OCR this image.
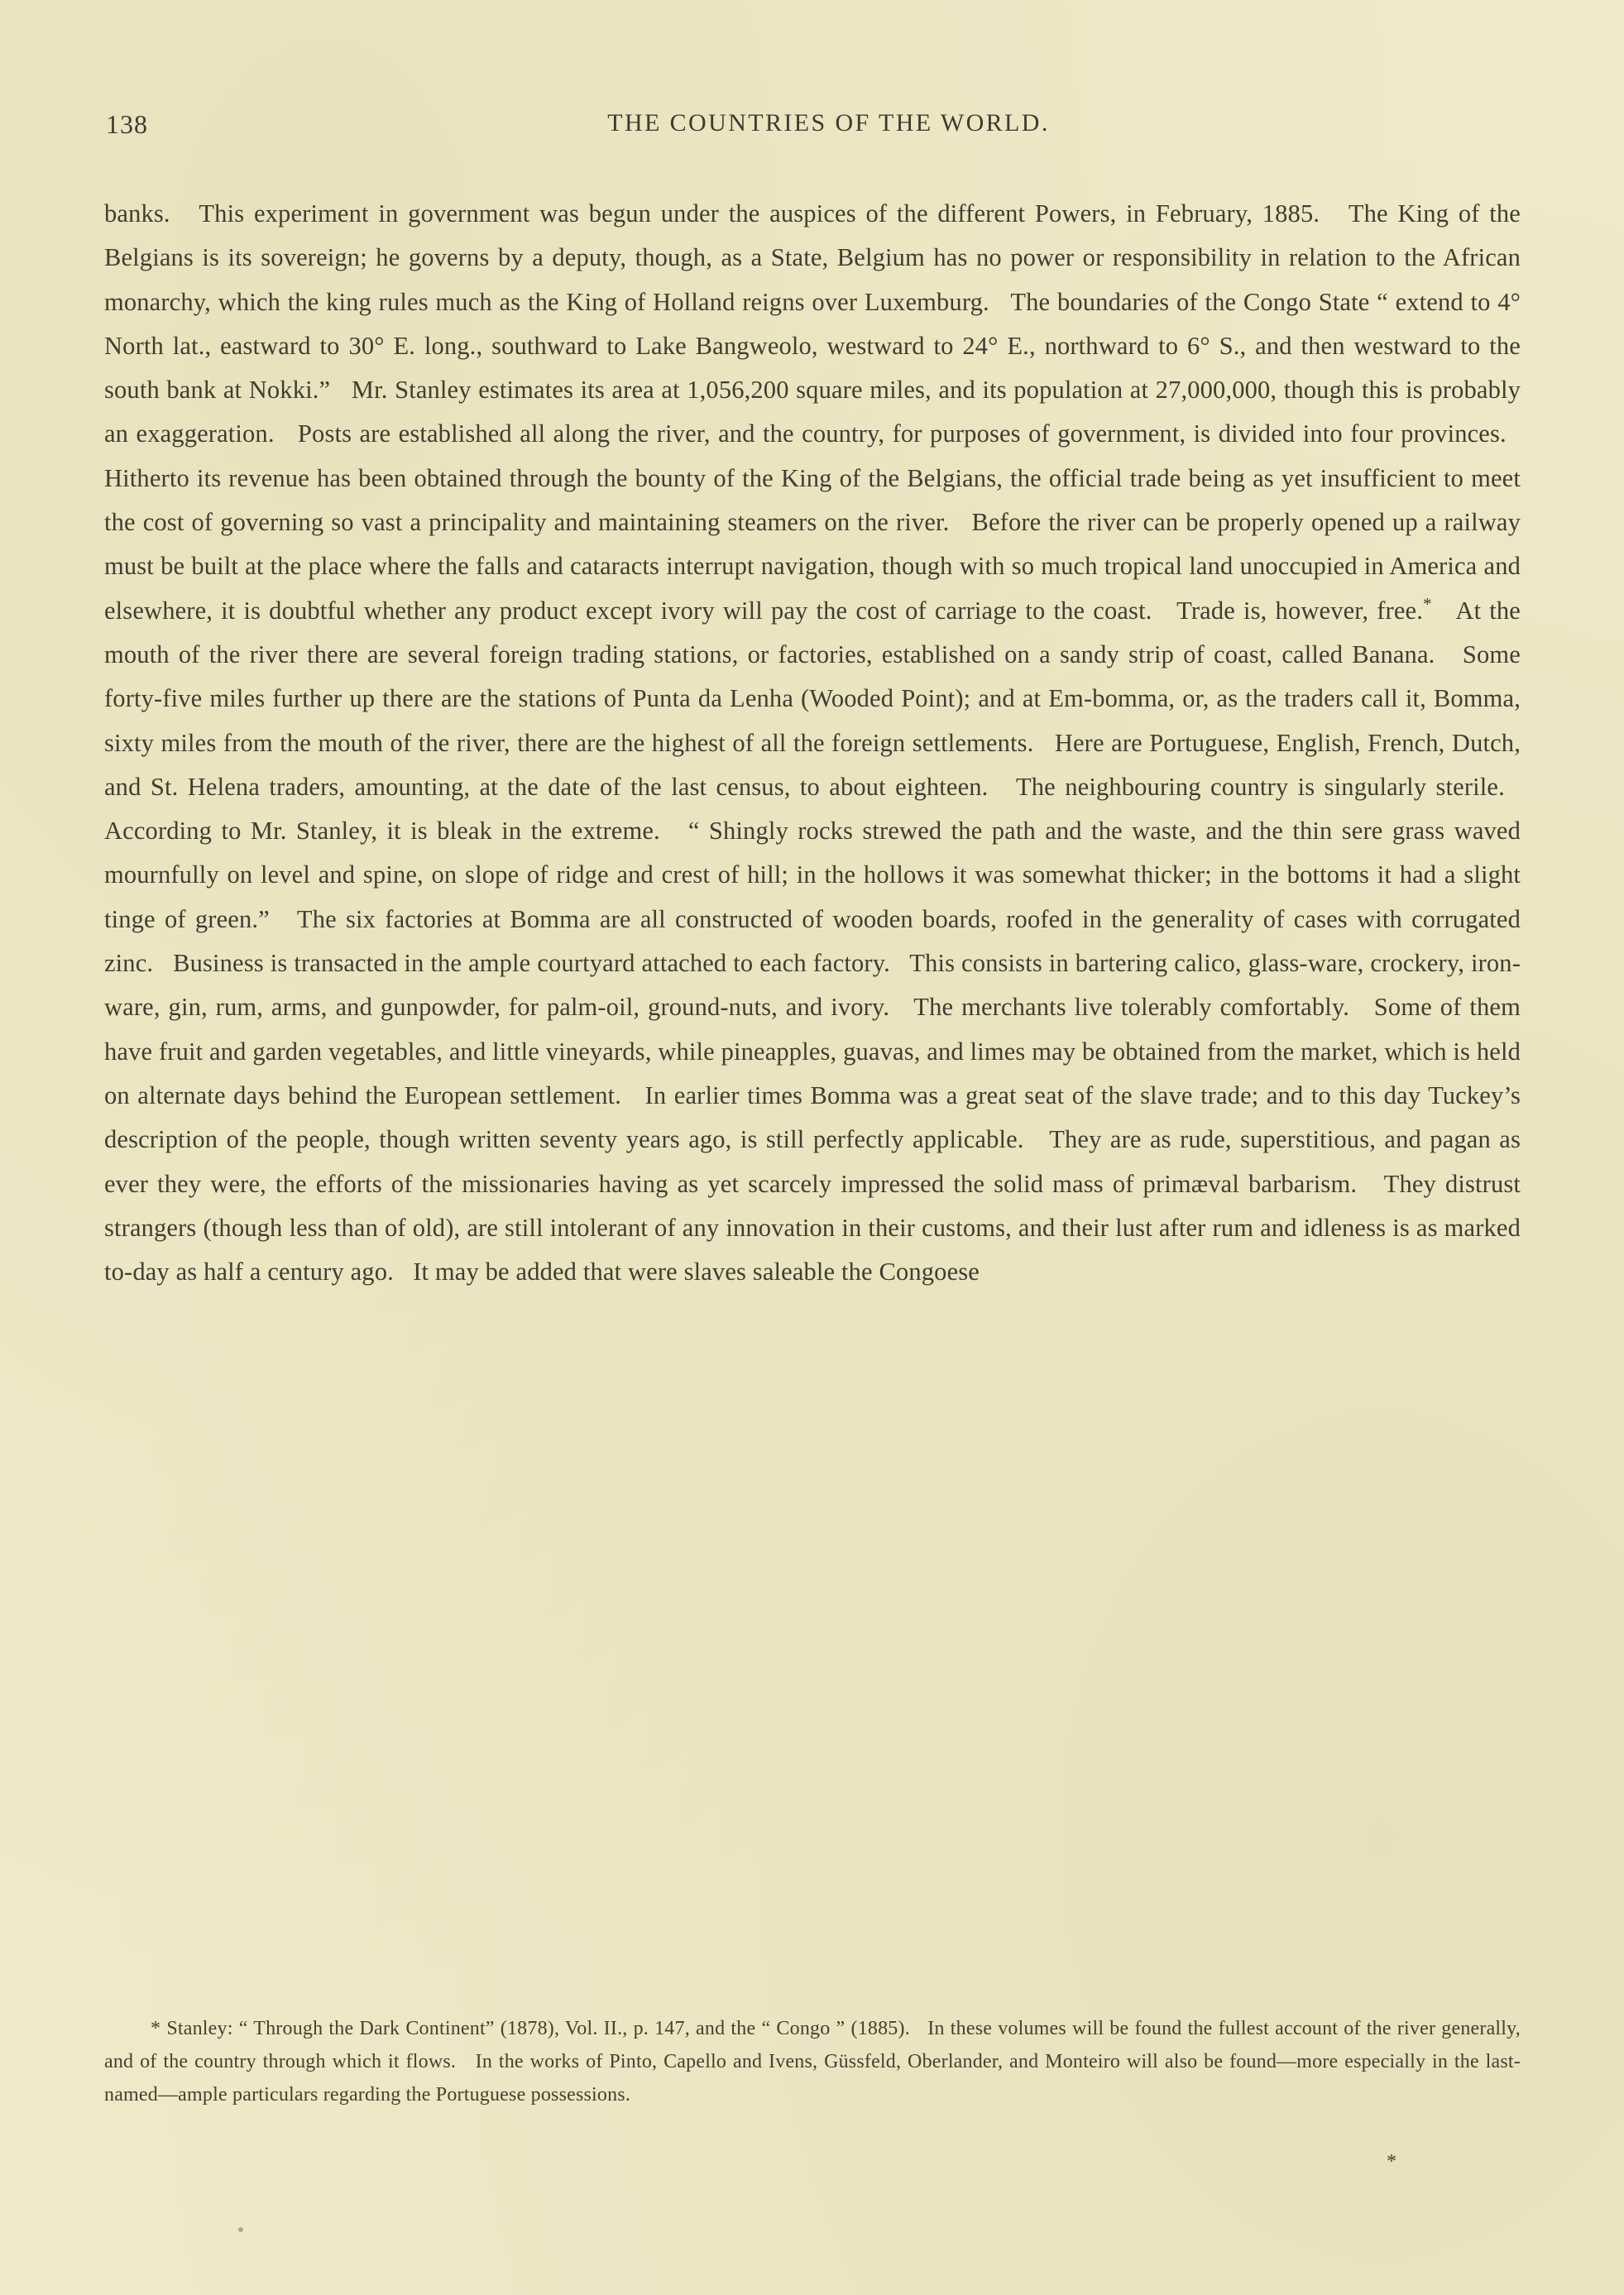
138	THE COUNTRIES OF THE WORLD.

banks.   This experiment in government was begun under the auspices of the different Powers, in February, 1885.   The King of the Belgians is its sovereign; he governs by a deputy, though, as a State, Belgium has no power or responsibility in relation to the African monarchy, which the king rules much as the King of Holland reigns over Luxemburg.   The boundaries of the Congo State “ extend to 4° North lat., eastward to 30° E. long., southward to Lake Bangweolo, westward to 24° E., northward to 6° S., and then westward to the south bank at Nokki.”   Mr. Stanley estimates its area at 1,056,200 square miles, and its population at 27,000,000, though this is probably an exaggeration.   Posts are established all along the river, and the country, for purposes of government, is divided into four provinces.   Hitherto its revenue has been obtained through the bounty of the King of the Belgians, the official trade being as yet insufficient to meet the cost of governing so vast a principality and maintaining steamers on the river.   Before the river can be properly opened up a railway must be built at the place where the falls and cataracts interrupt navigation, though with so much tropical land unoccupied in America and elsewhere, it is doubtful whether any product except ivory will pay the cost of carriage to the coast.   Trade is, however, free.*   At the mouth of the river there are several foreign trading stations, or factories, established on a sandy strip of coast, called Banana.   Some forty-five miles further up there are the stations of Punta da Lenha (Wooded Point); and at Em-bomma, or, as the traders call it, Bomma, sixty miles from the mouth of the river, there are the highest of all the foreign settlements.   Here are Portuguese, English, French, Dutch, and St. Helena traders, amounting, at the date of the last census, to about eighteen.   The neighbouring country is singularly sterile.   According to Mr. Stanley, it is bleak in the extreme.   “ Shingly rocks strewed the path and the waste, and the thin sere grass waved mournfully on level and spine, on slope of ridge and crest of hill; in the hollows it was somewhat thicker; in the bottoms it had a slight tinge of green.”   The six factories at Bomma are all constructed of wooden boards, roofed in the generality of cases with corrugated zinc.   Business is transacted in the ample courtyard attached to each factory.   This consists in bartering calico, glass-ware, crockery, iron-ware, gin, rum, arms, and gunpowder, for palm-oil, ground-nuts, and ivory.   The merchants live tolerably comfortably.   Some of them have fruit and garden vegetables, and little vineyards, while pineapples, guavas, and limes may be obtained from the market, which is held on alternate days behind the European settlement.   In earlier times Bomma was a great seat of the slave trade; and to this day Tuckey’s description of the people, though written seventy years ago, is still perfectly applicable.   They are as rude, superstitious, and pagan as ever they were, the efforts of the missionaries having as yet scarcely impressed the solid mass of primæval barbarism.   They distrust strangers (though less than of old), are still intolerant of any innovation in their customs, and their lust after rum and idleness is as marked to-day as half a century ago.   It may be added that were slaves saleable the Congoese

* Stanley: “ Through the Dark Continent” (1878), Vol. II., p. 147, and the “ Congo ” (1885).   In these volumes will be found the fullest account of the river generally, and of the country through which it flows.   In the works of Pinto, Capello and Ivens, Güssfeld, Oberlander, and Monteiro will also be found—more especially in the last-named—ample particulars regarding the Portuguese possessions.

*
